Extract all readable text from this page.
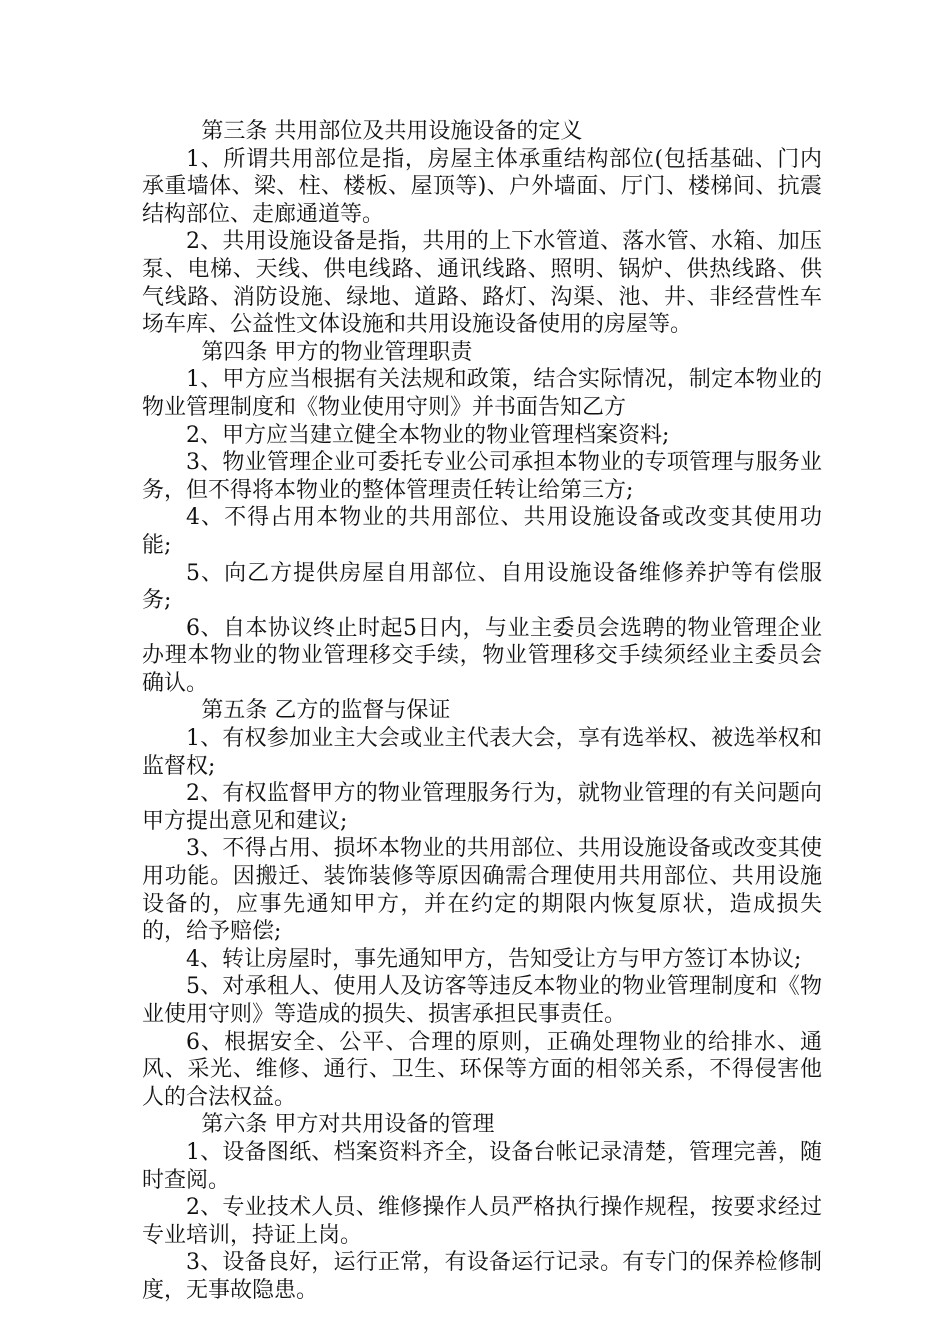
第三条 共用部位及共用设施设备的定义

1、所谓共用部位是指，房屋主体承重结构部位(包括基础、门内承重墙体、梁、柱、楼板、屋顶等)、户外墙面、厅门、楼梯间、抗震结构部位、走廊通道等。

2、共用设施设备是指，共用的上下水管道、落水管、水箱、加压泵、电梯、天线、供电线路、通讯线路、照明、锅炉、供热线路、供气线路、消防设施、绿地、道路、路灯、沟渠、池、井、非经营性车场车库、公益性文体设施和共用设施设备使用的房屋等。

第四条 甲方的物业管理职责

1、甲方应当根据有关法规和政策，结合实际情况，制定本物业的物业管理制度和《物业使用守则》并书面告知乙方

2、甲方应当建立健全本物业的物业管理档案资料;

3、物业管理企业可委托专业公司承担本物业的专项管理与服务业务，但不得将本物业的整体管理责任转让给第三方;

4、不得占用本物业的共用部位、共用设施设备或改变其使用功能;

5、向乙方提供房屋自用部位、自用设施设备维修养护等有偿服务;

6、自本协议终止时起5日内，与业主委员会选聘的物业管理企业办理本物业的物业管理移交手续，物业管理移交手续须经业主委员会确认。

第五条 乙方的监督与保证

1、有权参加业主大会或业主代表大会，享有选举权、被选举权和监督权;

2、有权监督甲方的物业管理服务行为，就物业管理的有关问题向甲方提出意见和建议;

3、不得占用、损坏本物业的共用部位、共用设施设备或改变其使用功能。因搬迁、装饰装修等原因确需合理使用共用部位、共用设施设备的，应事先通知甲方，并在约定的期限内恢复原状，造成损失的，给予赔偿;

4、转让房屋时，事先通知甲方，告知受让方与甲方签订本协议;

5、对承租人、使用人及访客等违反本物业的物业管理制度和《物业使用守则》等造成的损失、损害承担民事责任。

6、根据安全、公平、合理的原则，正确处理物业的给排水、通风、采光、维修、通行、卫生、环保等方面的相邻关系，不得侵害他人的合法权益。

第六条 甲方对共用设备的管理

1、设备图纸、档案资料齐全，设备台帐记录清楚，管理完善，随时查阅。

2、专业技术人员、维修操作人员严格执行操作规程，按要求经过专业培训，持证上岗。

3、设备良好，运行正常，有设备运行记录。有专门的保养检修制度，无事故隐患。
